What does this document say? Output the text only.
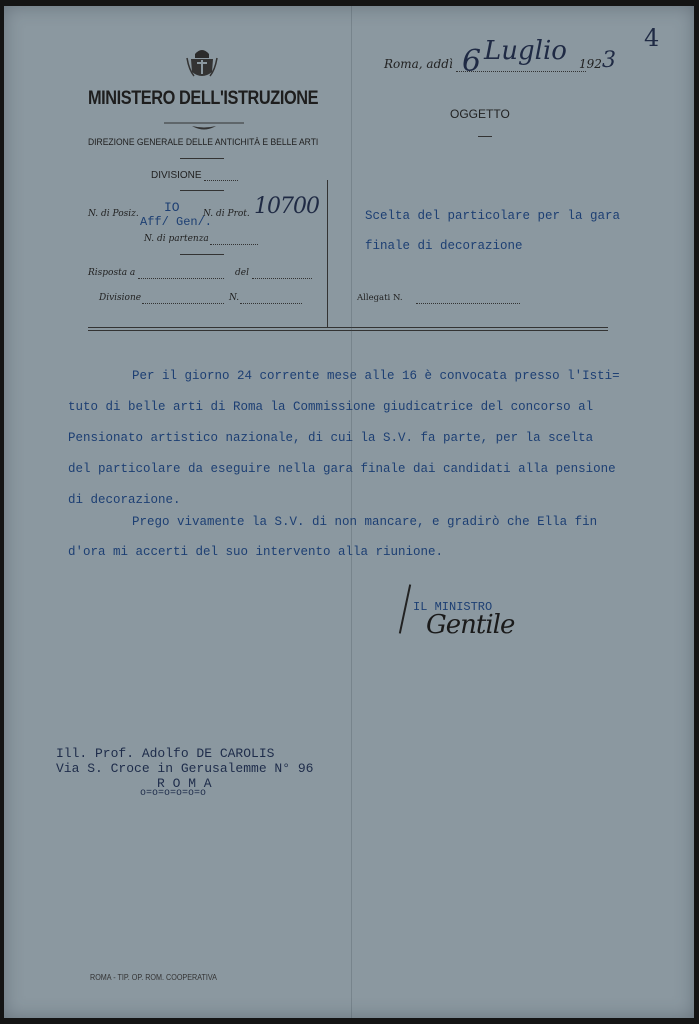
MINISTERO DELL'ISTRUZIONE
DIREZIONE GENERALE DELLE ANTICHITÀ E BELLE ARTI
DIVISIONE
Roma, addì 6 Luglio 192 3
4
OGGETTO
N. di Posiz. IO
Aff/ Gen/.
N. di Prot. 10700
N. di partenza
Risposta a	del
Divisione	N.
Scelta del particolare per la gara
finale di decorazione
Allegati N.
Per il giorno 24 corrente mese alle 16 è convocata presso l'Isti=
tuto di belle arti di Roma la Commissione giudicatrice del concorso al
Pensionato artistico nazionale, di cui la S.V. fa parte, per la scelta
del particolare da eseguire nella gara finale dai candidati alla pensione
di decorazione.
Prego vivamente la S.V. di non mancare, e gradirò che Ella fin
d'ora mi accerti del suo intervento alla riunione.
IL MINISTRO
Gentile
Ill. Prof. Adolfo DE CAROLIS
Via S. Croce in Gerusalemme N° 96
R O M A
o=o=o=o=o=o
ROMA - TIP. OP. ROM. COOPERATIVA
